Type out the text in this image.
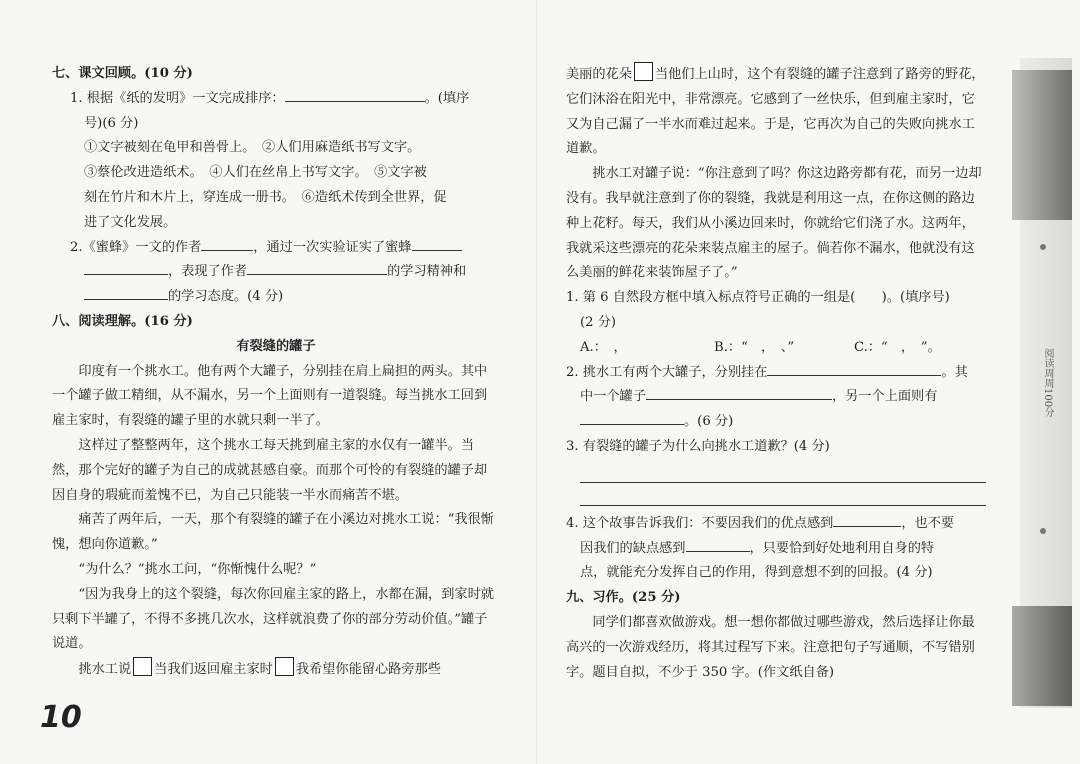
七、课文回顾。(10 分)

1. 根据《纸的发明》一文完成排序：	。(填序

号)(6 分)

①文字被刻在龟甲和兽骨上。　②人们用麻造纸书写文字。

③蔡伦改进造纸术。　④人们在丝帛上书写文字。　⑤文字被

刻在竹片和木片上，穿连成一册书。　⑥造纸术传到全世界，促

进了文化发展。

2.《蜜蜂》一文的作者	，通过一次实验证实了蜜蜂

，表现了作者	的学习精神和

的学习态度。(4 分)

八、阅读理解。(16 分)

有裂缝的罐子

印度有一个挑水工。他有两个大罐子，分别挂在肩上扁担的两头。其中一个罐子做工精细，从不漏水，另一个上面则有一道裂缝。每当挑水工回到雇主家时，有裂缝的罐子里的水就只剩一半了。

这样过了整整两年，这个挑水工每天挑到雇主家的水仅有一罐半。当然，那个完好的罐子为自己的成就甚感自豪。而那个可怜的有裂缝的罐子却因自身的瑕疵而羞愧不已，为自己只能装一半水而痛苦不堪。

痛苦了两年后，一天，那个有裂缝的罐子在小溪边对挑水工说：“我很惭愧，想向你道歉。”

“为什么？”挑水工问，“你惭愧什么呢？”

“因为我身上的这个裂缝，每次你回雇主家的路上，水都在漏，到家时就只剩下半罐了，不得不多挑几次水，这样就浪费了你的部分劳动价值。”罐子说道。

挑水工说 当我们返回雇主家时 我希望你能留心路旁那些

美丽的花朵 当他们上山时，这个有裂缝的罐子注意到了路旁的野花，它们沐浴在阳光中，非常漂亮。它感到了一丝快乐，但到雇主家时，它又为自己漏了一半水而难过起来。于是，它再次为自己的失败向挑水工道歉。

挑水工对罐子说：“你注意到了吗？你这边路旁都有花，而另一边却没有。我早就注意到了你的裂缝，我就是利用这一点，在你这侧的路边种上花籽。每天，我们从小溪边回来时，你就给它们浇了水。这两年，我就采这些漂亮的花朵来装点雇主的屋子。倘若你不漏水，他就没有这么美丽的鲜花来装饰屋子了。”

1. 第 6 自然段方框中填入标点符号正确的一组是(　　)。(填序号)

(2 分)

A.：　，	B.：“　，　、”	C.：“　，　”。

2. 挑水工有两个大罐子，分别挂在	。其

中一个罐子	，另一个上面则有

。(6 分)

3. 有裂缝的罐子为什么向挑水工道歉？(4 分)

4. 这个故事告诉我们：不要因我们的优点感到	，也不要

因我们的缺点感到	，只要恰到好处地利用自身的特

点，就能充分发挥自己的作用，得到意想不到的回报。(4 分)

九、习作。(25 分)

同学们都喜欢做游戏。想一想你都做过哪些游戏，然后选择让你最高兴的一次游戏经历，将其过程写下来。注意把句子写通顺，不写错别字。题目自拟，不少于 350 字。(作文纸自备)

10
阅读周周100分
